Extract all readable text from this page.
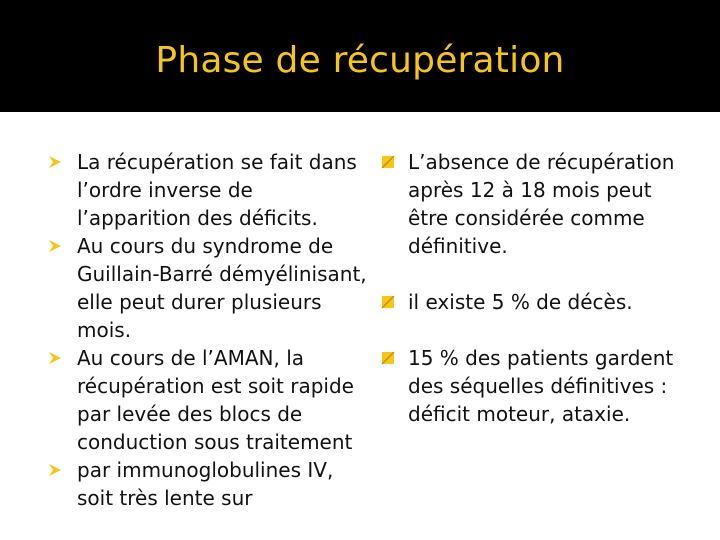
Phase de récupération
La récupération se fait dans l’ordre inverse de l’apparition des déficits.
Au cours du syndrome de Guillain-Barré démyélinisant, elle peut durer plusieurs mois.
Au cours de l’AMAN, la récupération est soit rapide par levée des blocs de conduction sous traitement
par immunoglobulines IV, soit très lente sur
L’absence de récupération après 12 à 18 mois peut être considérée comme définitive.
il existe 5 % de décès.
15 % des patients gardent des séquelles définitives : déficit moteur, ataxie.
